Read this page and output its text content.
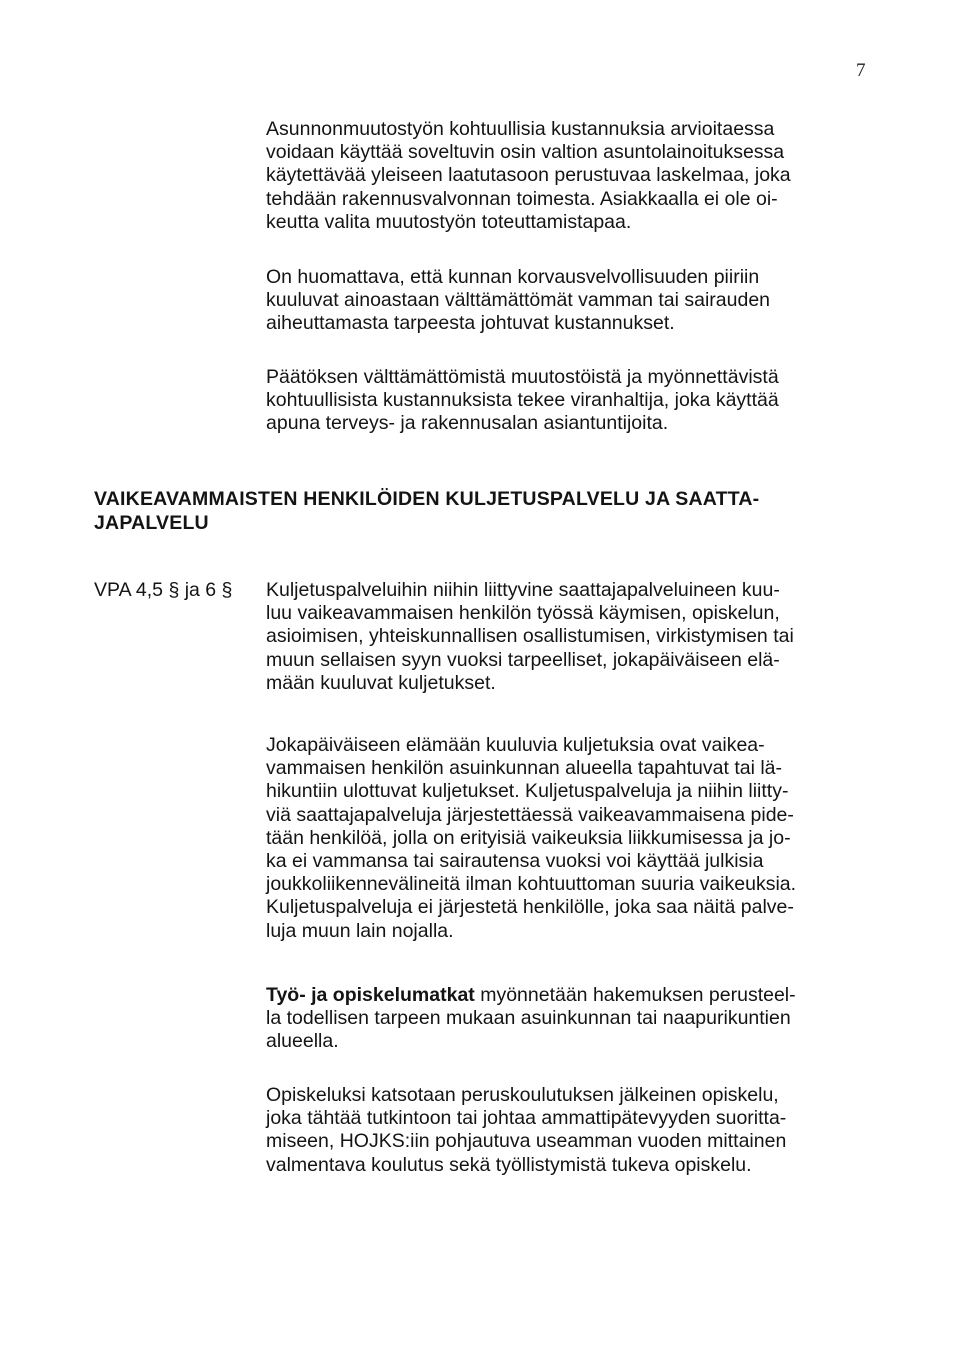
7

Asunnonmuutostyön kohtuullisia kustannuksia arvioitaessa
voidaan käyttää soveltuvin osin valtion asuntolainoituksessa
käytettävää yleiseen laatutasoon perustuvaa laskelmaa, joka
tehdään rakennusvalvonnan toimesta. Asiakkaalla ei ole oi-
keutta valita muutostyön toteuttamistapaa.

On huomattava, että kunnan korvausvelvollisuuden piiriin
kuuluvat ainoastaan välttämättömät vamman tai sairauden
aiheuttamasta tarpeesta johtuvat kustannukset.

Päätöksen välttämättömistä muutostöistä ja myönnettävistä
kohtuullisista kustannuksista tekee viranhaltija, joka käyttää
apuna terveys- ja rakennusalan asiantuntijoita.

VAIKEAVAMMAISTEN HENKILÖIDEN KULJETUSPALVELU JA SAATTA-
JAPALVELU
VPA 4,5 § ja 6 § Kuljetuspalveluihin niihin liittyvine saattajapalveluineen kuu-
luu vaikeavammaisen henkilön työssä käymisen, opiskelun,
asioimisen, yhteiskunnallisen osallistumisen, virkistymisen tai
muun sellaisen syyn vuoksi tarpeelliset, jokapäiväiseen elä-
mään kuuluvat kuljetukset.

Jokapäiväiseen elämään kuuluvia kuljetuksia ovat vaikea-
vammaisen henkilön asuinkunnan alueella tapahtuvat tai lä-
hikuntiin ulottuvat kuljetukset. Kuljetuspalveluja ja niihin liitty-
viä saattajapalveluja järjestettäessä vaikeavammaisena pide-
tään henkilöä, jolla on erityisiä vaikeuksia liikkumisessa ja jo-
ka ei vammansa tai sairautensa vuoksi voi käyttää julkisia
joukkoliikennevälineitä ilman kohtuuttoman suuria vaikeuksia.
Kuljetuspalveluja ei järjestetä henkilölle, joka saa näitä palve-
luja muun lain nojalla.

Työ- ja opiskelumatkat myönnetään hakemuksen perusteel-
la todellisen tarpeen mukaan asuinkunnan tai naapurikuntien
alueella.

Opiskeluksi katsotaan peruskoulutuksen jälkeinen opiskelu,
joka tähtää tutkintoon tai johtaa ammattipätevyyden suoritta-
miseen, HOJKS:iin pohjautuva useamman vuoden mittainen
valmentava koulutus sekä työllistymistä tukeva opiskelu.
